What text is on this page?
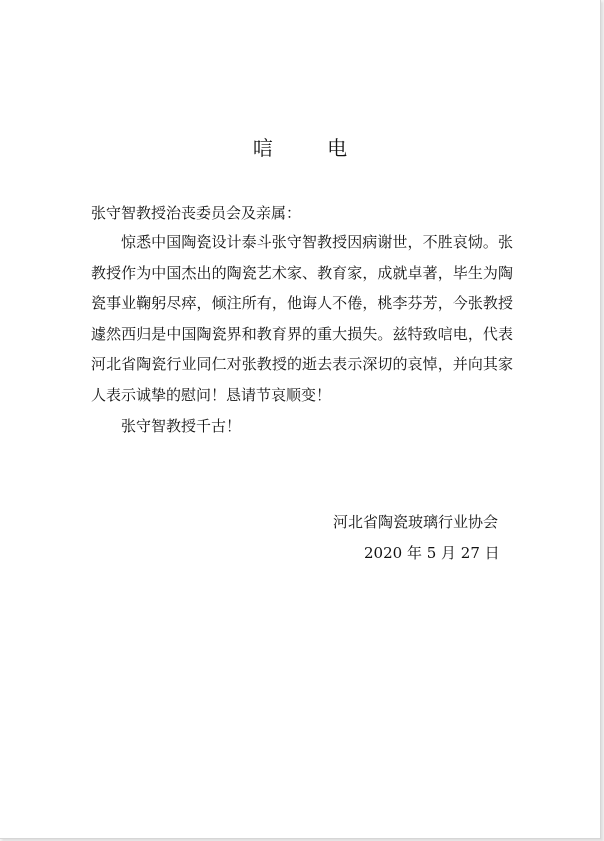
唁 电
张守智教授治丧委员会及亲属：
惊悉中国陶瓷设计泰斗张守智教授因病谢世，不胜哀恸。张教授作为中国杰出的陶瓷艺术家、教育家，成就卓著，毕生为陶瓷事业鞠躬尽瘁，倾注所有，他诲人不倦，桃李芬芳，今张教授遽然西归是中国陶瓷界和教育界的重大损失。兹特致唁电，代表河北省陶瓷行业同仁对张教授的逝去表示深切的哀悼，并向其家人表示诚挚的慰问！恳请节哀顺变！
张守智教授千古！
河北省陶瓷玻璃行业协会
2020 年 5 月 27 日
